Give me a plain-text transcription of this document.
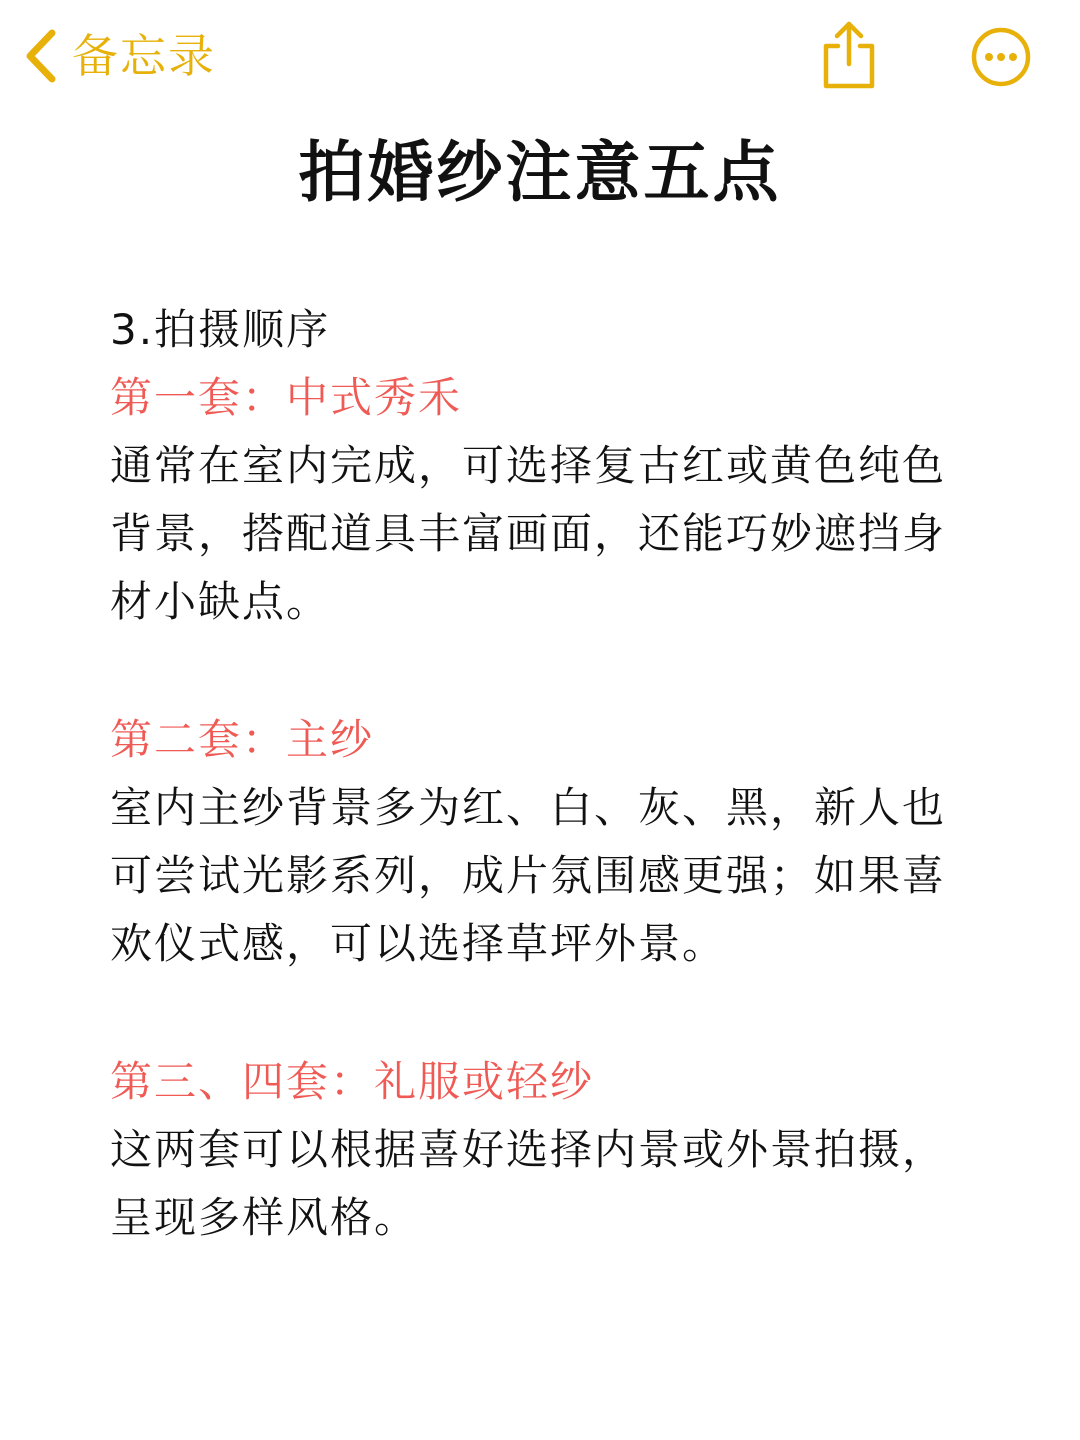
备忘录
拍婚纱注意五点
3.拍摄顺序
第一套：中式秀禾
通常在室内完成，可选择复古红或黄色纯色
背景，搭配道具丰富画面，还能巧妙遮挡身
材小缺点。
第二套：主纱
室内主纱背景多为红、白、灰、黑，新人也
可尝试光影系列，成片氛围感更强；如果喜
欢仪式感，可以选择草坪外景。
第三、四套：礼服或轻纱
这两套可以根据喜好选择内景或外景拍摄，
呈现多样风格。
